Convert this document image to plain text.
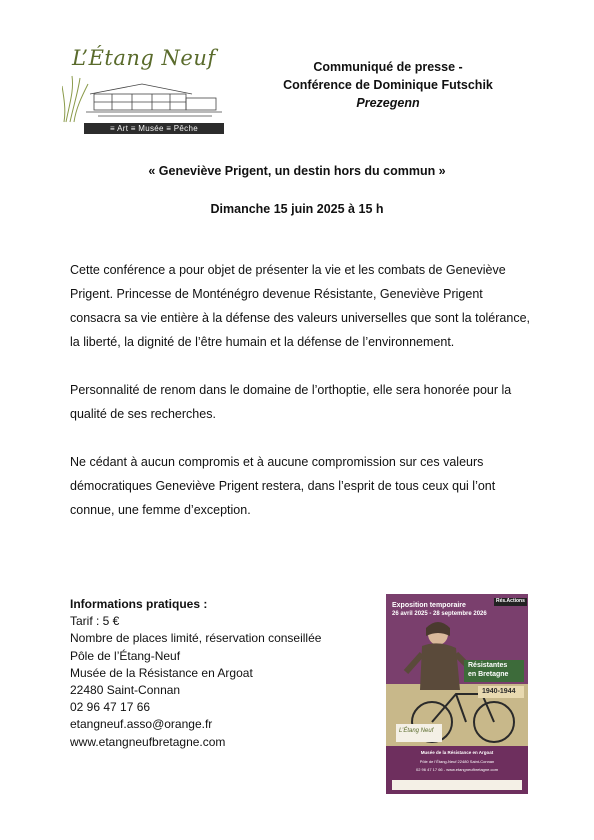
L’Étang Neuf
≡ Art ≡ Musée ≡ Pêche
Communiqué de presse -
Conférence de Dominique Futschik
Prezegenn
« Geneviève Prigent, un destin hors du commun »
Dimanche 15 juin 2025 à 15 h

Cette conférence a pour objet de présenter la vie et les combats de Geneviève Prigent. Princesse de Monténégro devenue Résistante, Geneviève Prigent consacra sa vie entière à la défense des valeurs universelles que sont la tolérance, la liberté, la dignité de l’être humain et la défense de l’environnement.

Personnalité de renom dans le domaine de l’orthoptie, elle sera honorée pour la qualité de ses recherches.

Ne cédant à aucun compromis et à aucune compromission sur ces valeurs démocratiques Geneviève Prigent restera, dans l’esprit de tous ceux qui l’ont connue, une femme d’exception.

Informations pratiques :
Tarif : 5 €
Nombre de places limité, réservation conseillée
Pôle de l’Étang-Neuf
Musée de la Résistance en Argoat
22480 Saint-Connan
02 96 47 17 66
etangneuf.asso@orange.fr
www.etangneufbretagne.com
Exposition temporaire
26 avril 2025 - 28 septembre 2026
Rés.Actions
Résistantes
en Bretagne
1940-1944
L’Étang Neuf
Musée de la Résistance en Argoat
Pôle de l’Étang-Neuf 22480 Saint-Connan
02 96 47 17 66 - www.etangneufbretagne.com
